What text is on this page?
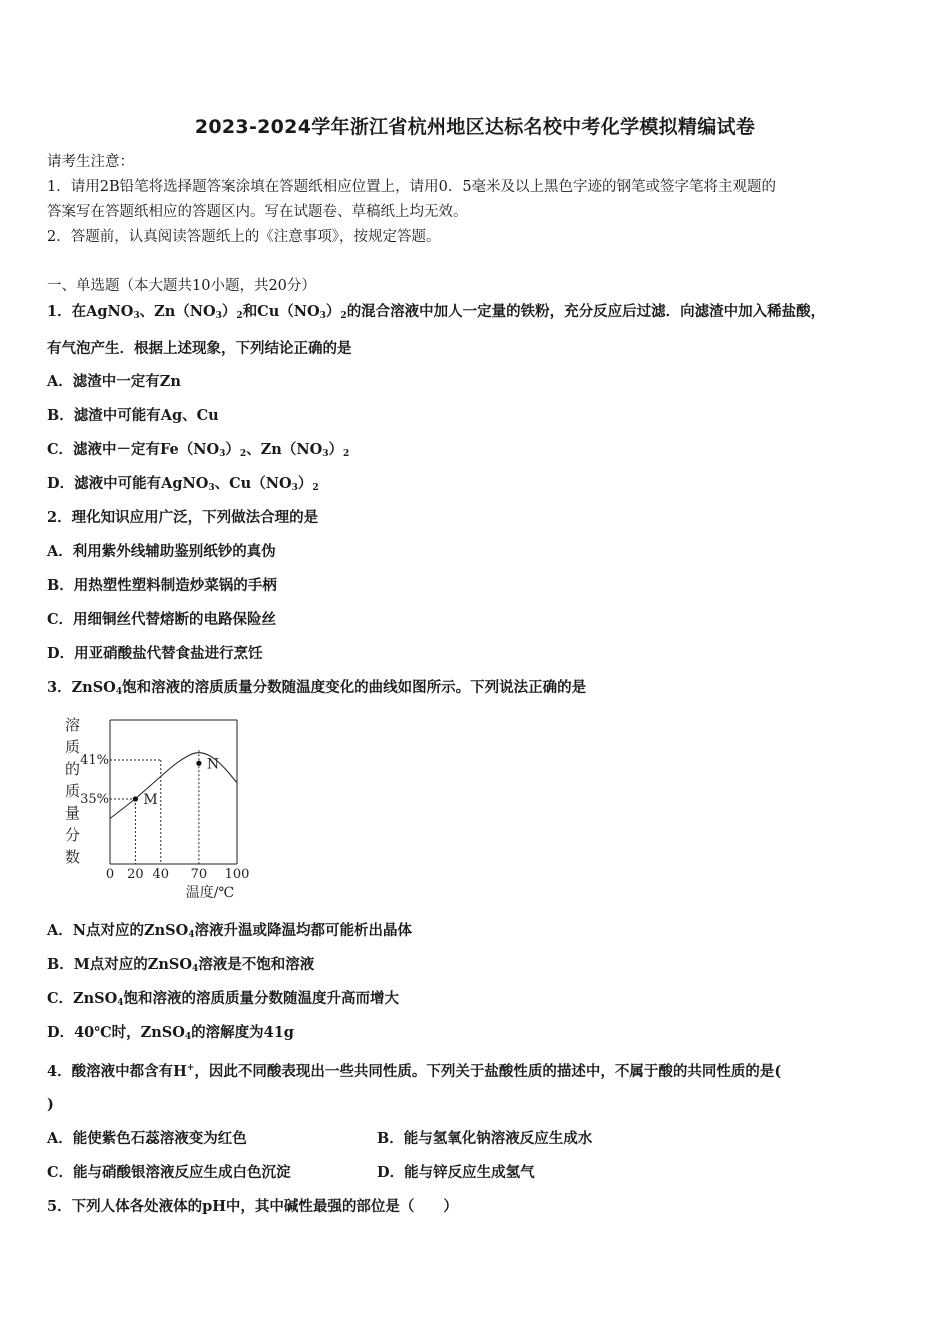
2023-2024学年浙江省杭州地区达标名校中考化学模拟精编试卷
请考生注意：
1．请用2B铅笔将选择题答案涂填在答题纸相应位置上，请用0．5毫米及以上黑色字迹的钢笔或签字笔将主观题的
答案写在答题纸相应的答题区内。写在试题卷、草稿纸上均无效。
2．答题前，认真阅读答题纸上的《注意事项》，按规定答题。
一、单选题（本大题共10小题，共20分）
1．在AgNO$_3$、$Zn(NO_3)_2$和$Cu(NO_3)_2$的混合溶液中加人一定量的铁粉，充分反应后过滤．向滤渣中加入稀盐酸，
有气泡产生．根据上述现象，下列结论正确的是
A．滤渣中一定有Zn
B．滤渣中可能有Ag、Cu
C．滤液中－定有$Fe(NO_3)_2$、$Zn(NO_3)_2$
D．滤液中可能有AgNO$_3$、$Cu(NO_3)_2$
2．理化知识应用广泛，下列做法合理的是
A．利用紫外线辅助鉴别纸钞的真伪
B．用热塑性塑料制造炒菜锅的手柄
C．用细铜丝代替熔断的电路保险丝
D．用亚硝酸盐代替食盐进行烹饪
3．ZnSO$_4$饱和溶液的溶质质量分数随温度变化的曲线如图所示。下列说法正确的是
溶
质
的
质
量
分
数
35%
41%
0 20 40 70 100
M
N
温度/℃
A．N点对应的ZnSO$_4$溶液升温或降温均都可能析出晶体
B．M点对应的ZnSO$_4$溶液是不饱和溶液
C．ZnSO$_4$饱和溶液的溶质质量分数随温度升高而增大
D．40℃时，ZnSO$_4$的溶解度为41g
4．酸溶液中都含有H+，因此不同酸表现出一些共同性质。下列关于盐酸性质的描述中，不属于酸的共同性质的是(
)
A．能使紫色石蕊溶液变为红色	B．能与氢氧化钠溶液反应生成水
C．能与硝酸银溶液反应生成白色沉淀	D．能与锌反应生成氢气
5．下列人体各处液体的pH中，其中碱性最强的部位是（　　）
